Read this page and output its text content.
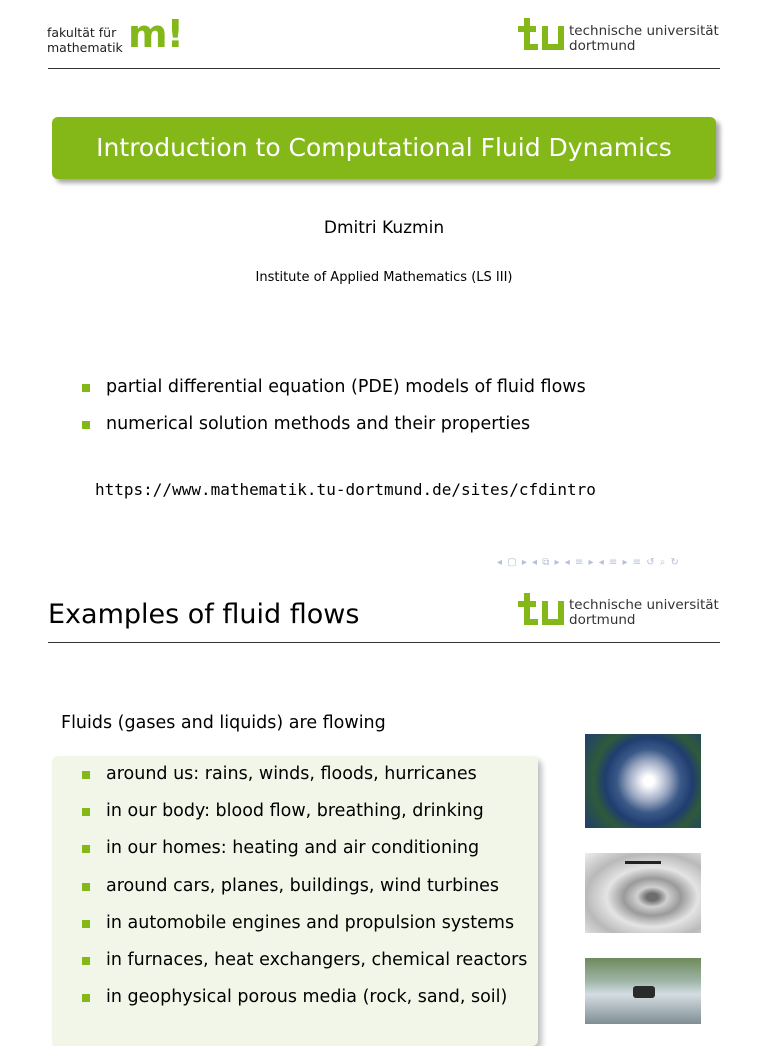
fakultät für
mathematik m!	technische universität
dortmund
Introduction to Computational Fluid Dynamics
Dmitri Kuzmin
Institute of Applied Mathematics (LS III)
partial differential equation (PDE) models of fluid flows
numerical solution methods and their properties
https://www.mathematik.tu-dortmund.de/sites/cfdintro
◂ ▢ ▸ ◂ ⧉ ▸ ◂ ≡ ▸ ◂ ≡ ▸ ≡ ↺ ⌕ ↻
Examples of fluid flows	technische universität
dortmund
Fluids (gases and liquids) are flowing
around us: rains, winds, floods, hurricanes
in our body: blood flow, breathing, drinking
in our homes: heating and air conditioning
around cars, planes, buildings, wind turbines
in automobile engines and propulsion systems
in furnaces, heat exchangers, chemical reactors
in geophysical porous media (rock, sand, soil)
